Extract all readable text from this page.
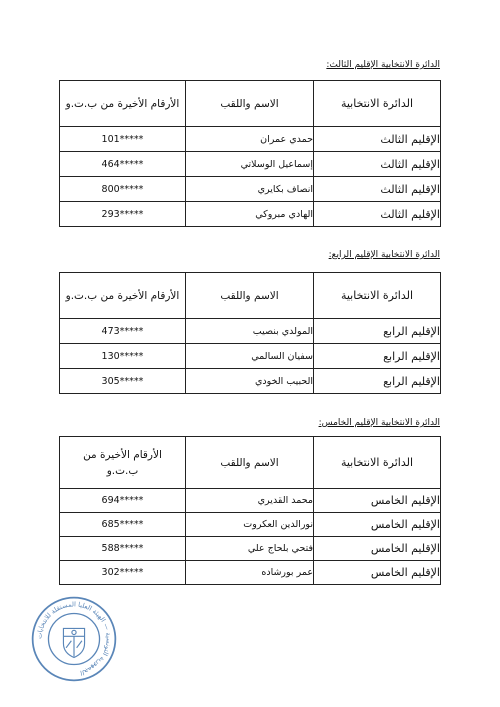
الدائرة الانتخابية الإقليم الثالث:
الدائرة الانتخابية	الاسم واللقب	الأرقام الأخيرة من ب.ت.و
الإقليم الثالث	حمدي عمران	101*****
الإقليم الثالث	إسماعيل الوسلاتي	464*****
الإقليم الثالث	انصاف بكايري	800*****
الإقليم الثالث	الهادي مبروكي	293*****
الدائرة الانتخابية الإقليم الرابع:
الدائرة الانتخابية	الاسم واللقب	الأرقام الأخيرة من ب.ت.و
الإقليم الرابع	المولدي بنصيب	473*****
الإقليم الرابع	سفيان السالمي	130*****
الإقليم الرابع	الحبيب الخودي	305*****
الدائرة الانتخابية الإقليم الخامس:
الدائرة الانتخابية	الاسم واللقب	الأرقام الأخيرة من
ب.ت.و

الإقليم الخامس	محمد القديري	694*****
الإقليم الخامس	نورالدين العكروت	685*****
الإقليم الخامس	فتحي بلحاج علي	588*****
الإقليم الخامس	عمر بورشاده	302*****
الجمهورية التونسية — الهيئة العليا المستقلة للانتخابات
